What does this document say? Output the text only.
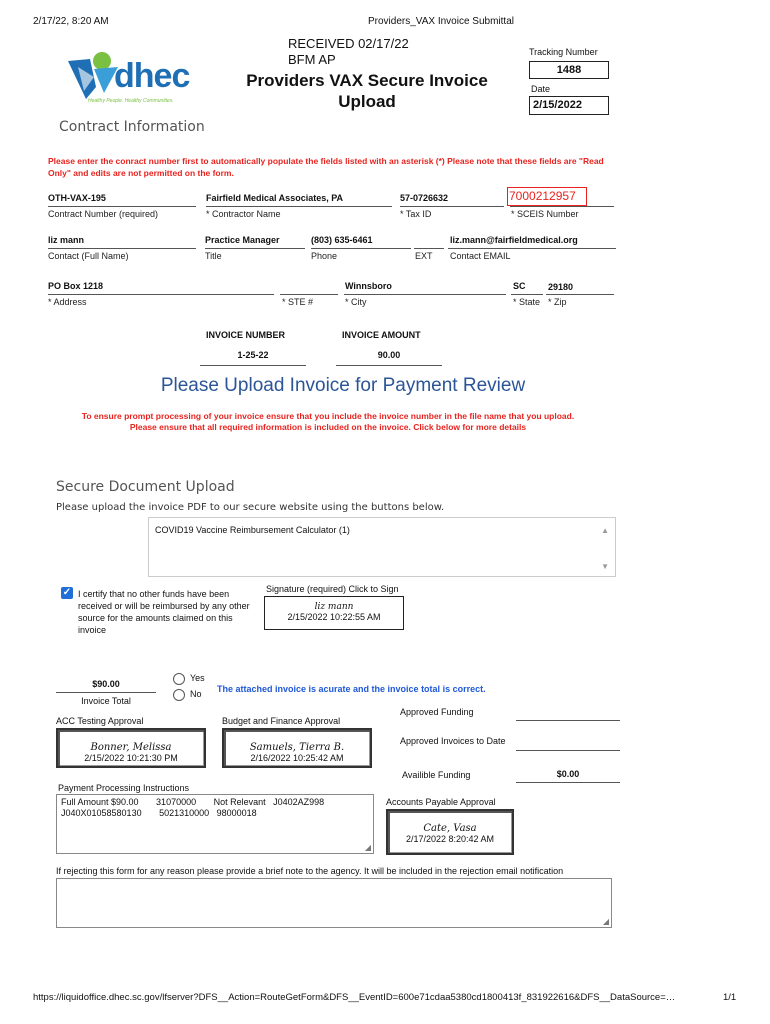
2/17/22, 8:20 AM	Providers_VAX Invoice Submittal
dhec
Healthy People. Healthy Communities.
RECEIVED 02/17/22
BFM AP
Providers VAX Secure Invoice
Upload
Tracking Number
1488
Date
2/15/2022
Contract Information
Please enter the conract number first to automatically populate the fields listed with an asterisk (*) Please note that these fields are "Read Only" and edits are not permitted on the form.
OTH-VAX-195
Contract Number (required)
Fairfield Medical Associates, PA
* Contractor Name
57-0726632
* Tax ID
7000212957
* SCEIS Number
liz mann
Contact (Full Name)
Practice Manager
Title
(803) 635-6461
Phone	EXT
liz.mann@fairfieldmedical.org
Contact EMAIL
PO Box 1218
* Address	* STE #
Winnsboro
* City
SC
* State
29180
* Zip
INVOICE NUMBER	INVOICE AMOUNT
1-25-22	90.00
Please Upload Invoice for Payment Review
To ensure prompt processing of your invoice ensure that you include the invoice number in the file name that you upload.
Please ensure that all required information is included on the invoice. Click below for more details
Secure Document Upload
Please upload the invoice PDF to our secure website using the buttons below.
COVID19 Vaccine Reimbursement Calculator (1)	▲
▼
✓ I certify that no other funds have been received or will be reimbursed by any other source for the amounts claimed on this invoice
Signature (required) Click to Sign
liz mann
2/15/2022 10:22:55 AM
$90.00
Invoice Total
Yes
No The attached invoice is acurate and the invoice total is correct.
ACC Testing Approval
Bonner, Melissa
2/15/2022 10:21:30 PM
Budget and Finance Approval
Samuels, Tierra B.
2/16/2022 10:25:42 AM
Approved Funding
Approved Invoices to Date
Availible Funding	$0.00
Payment Processing Instructions
Full Amount $90.00       31070000       Not Relevant   J0402AZ998
J040X01058580130       5021310000   98000018
◢
Accounts Payable Approval
Cate, Vasa
2/17/2022 8:20:42 AM
If rejecting this form for any reason please provide a brief note to the agency. It will be included in the rejection email notification
◢
https://liquidoffice.dhec.sc.gov/lfserver?DFS__Action=RouteGetForm&DFS__EventID=600e71cdaa5380cd1800413f_831922616&DFS__DataSource=…	1/1
